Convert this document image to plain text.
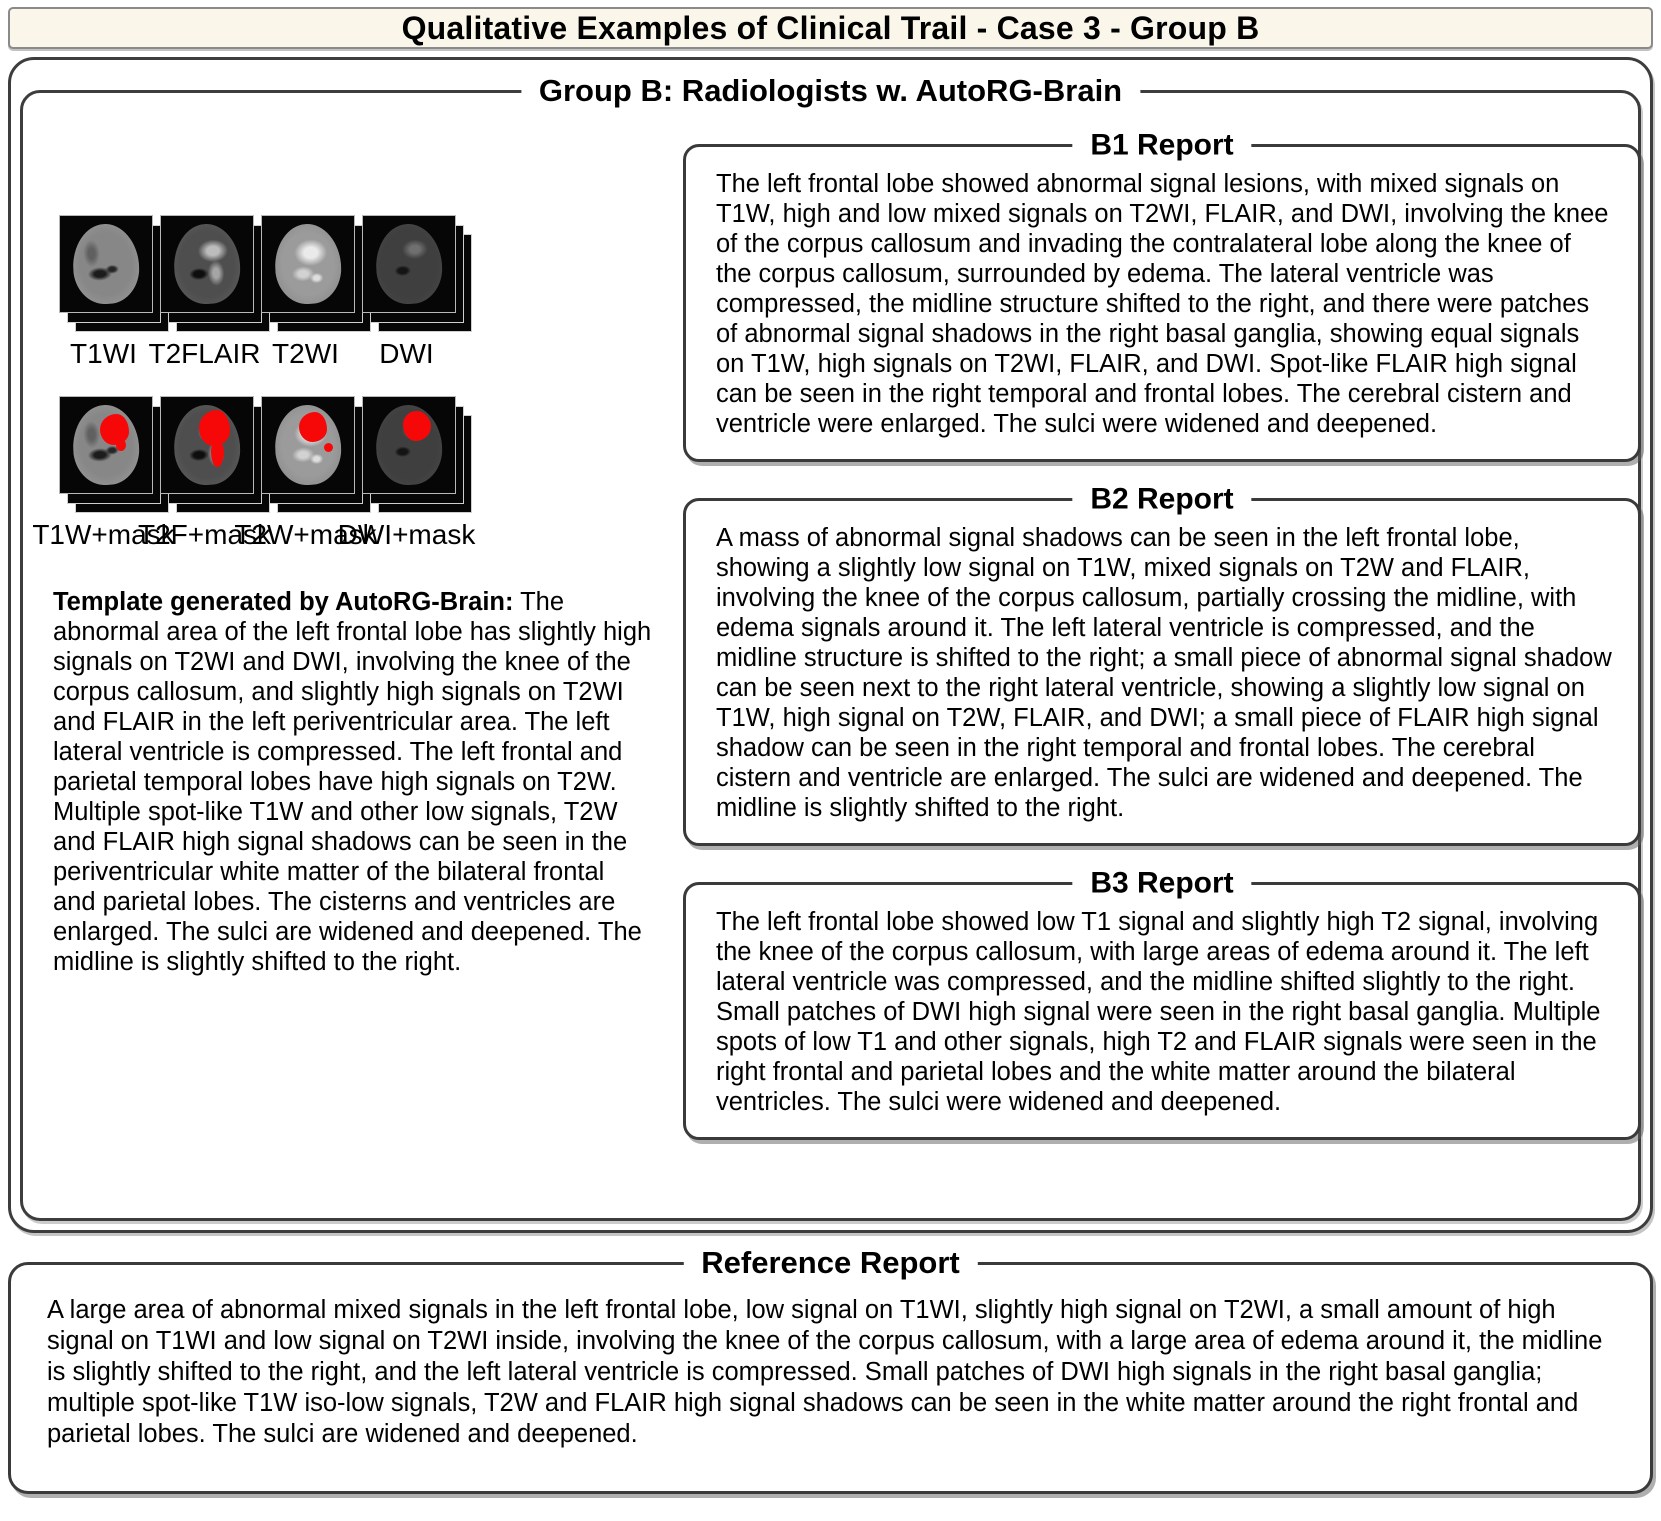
Qualitative Examples of Clinical Trail - Case 3 - Group B
Group B: Radiologists w. AutoRG-Brain
T1WI T2FLAIR T2WI DWI
T1W+mask
T2F+mask
T2W+mask
DWI+mask

Template generated by AutoRG-Brain: The abnormal area of the left frontal lobe has slightly high signals on T2WI and DWI, involving the knee of the corpus callosum, and slightly high signals on T2WI and FLAIR in the left periventricular area. The left lateral ventricle is compressed. The left frontal and parietal temporal lobes have high signals on T2W. Multiple spot-like T1W and other low signals, T2W and FLAIR high signal shadows can be seen in the periventricular white matter of the bilateral frontal and parietal lobes. The cisterns and ventricles are enlarged. The sulci are widened and deepened. The midline is slightly shifted to the right.

B1 Report

The left frontal lobe showed abnormal signal lesions, with mixed signals on T1W, high and low mixed signals on T2WI, FLAIR, and DWI, involving the knee of the corpus callosum and invading the contralateral lobe along the knee of the corpus callosum, surrounded by edema. The lateral ventricle was compressed, the midline structure shifted to the right, and there were patches of abnormal signal shadows in the right basal ganglia, showing equal signals on T1W, high signals on T2WI, FLAIR, and DWI. Spot-like FLAIR high signal can be seen in the right temporal and frontal lobes. The cerebral cistern and ventricle were enlarged. The sulci were widened and deepened.

B2 Report

A mass of abnormal signal shadows can be seen in the left frontal lobe, showing a slightly low signal on T1W, mixed signals on T2W and FLAIR, involving the knee of the corpus callosum, partially crossing the midline, with edema signals around it. The left lateral ventricle is compressed, and the midline structure is shifted to the right; a small piece of abnormal signal shadow can be seen next to the right lateral ventricle, showing a slightly low signal on T1W, high signal on T2W, FLAIR, and DWI; a small piece of FLAIR high signal shadow can be seen in the right temporal and frontal lobes. The cerebral cistern and ventricle are enlarged. The sulci are widened and deepened. The midline is slightly shifted to the right.

B3 Report

The left frontal lobe showed low T1 signal and slightly high T2 signal, involving the knee of the corpus callosum, with large areas of edema around it. The left lateral ventricle was compressed, and the midline shifted slightly to the right. Small patches of DWI high signal were seen in the right basal ganglia. Multiple spots of low T1 and other signals, high T2 and FLAIR signals were seen in the right frontal and parietal lobes and the white matter around the bilateral ventricles. The sulci were widened and deepened.

Reference Report

A large area of abnormal mixed signals in the left frontal lobe, low signal on T1WI, slightly high signal on T2WI, a small amount of high signal on T1WI and low signal on T2WI inside, involving the knee of the corpus callosum, with a large area of edema around it, the midline is slightly shifted to the right, and the left lateral ventricle is compressed. Small patches of DWI high signals in the right basal ganglia; multiple spot-like T1W iso-low signals, T2W and FLAIR high signal shadows can be seen in the white matter around the right frontal and parietal lobes. The sulci are widened and deepened.
